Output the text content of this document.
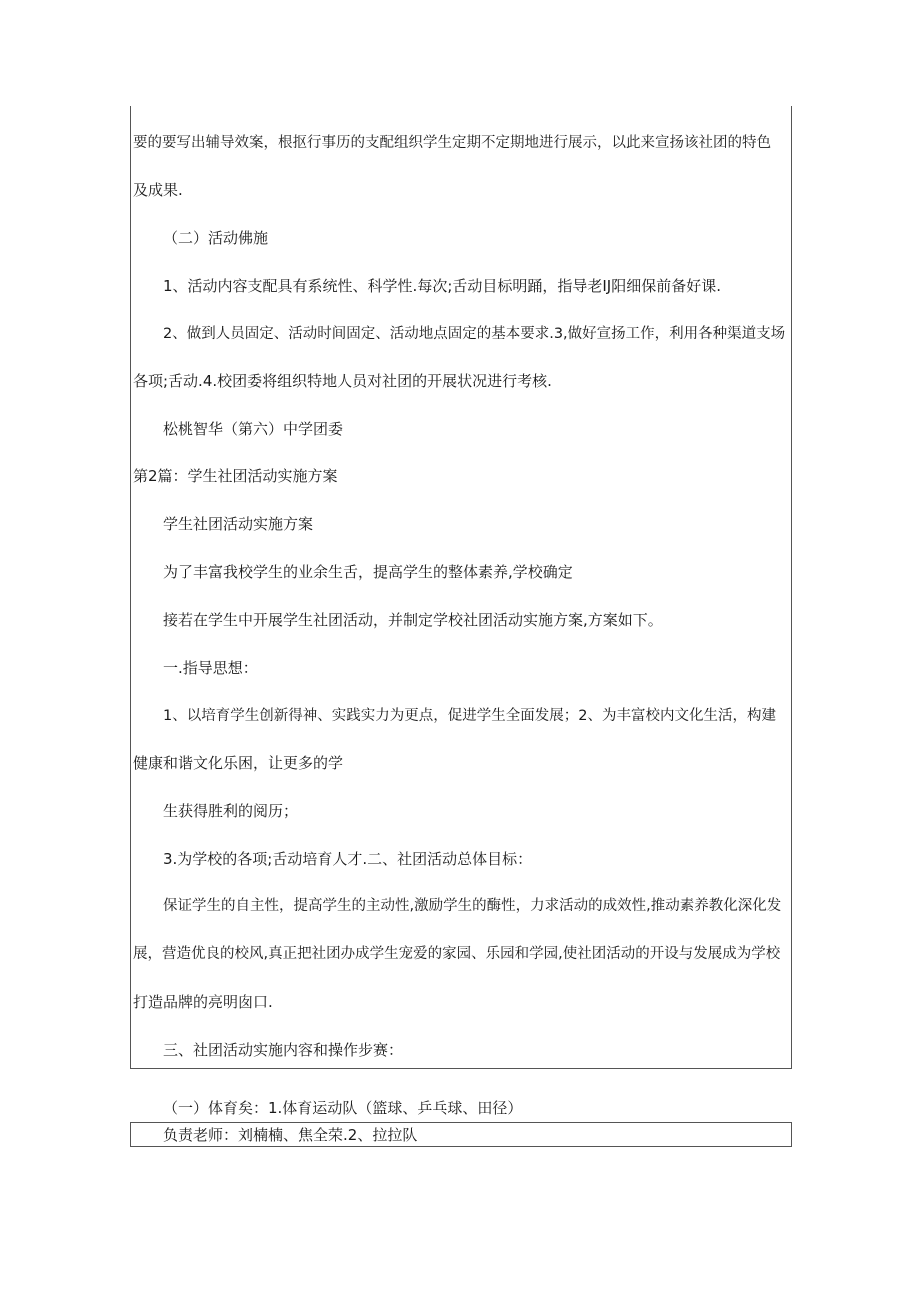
要的要写出辅导效案，根抠行事历的支配组织学生定期不定期地进行展示，以此来宣扬该社团的特色
及成果.
（二）活动佛施
1、活动内容支配具有系统性、科学性.每次;舌动目标明踊，指导老IJ阳细保前备好课.
2、做到人员固定、活动时间固定、活动地点固定的基本要求.3,做好宣扬工作，利用各种渠道支场
各项;舌动.4.校团委将组织特地人员对社团的开展状况进行考核.
松桃智华（第六）中学团委
第2篇：学生社团活动实施方案
学生社团活动实施方案
为了丰富我校学生的业余生舌，提高学生的整体素养,学校确定
接若在学生中开展学生社团活动，并制定学校社团活动实施方案,方案如下。
一.指导思想：
1、以培育学生创新得神、实践实力为更点，促进学生全面发展；2、为丰富校内文化生活，构建
健康和谐文化乐困，让更多的学
生获得胜利的阅历；
3.为学校的各项;舌动培育人才.二、社团活动总体目标：
保证学生的自主性，提高学生的主动性,激励学生的酶性，力求活动的成效性,推动素养教化深化发
展，营造优良的校风,真正把社团办成学生宠爱的家园、乐园和学园,使社团活动的开设与发展成为学校
打造品牌的亮明囱口.
三、社团活动实施内容和操作步赛：
（一）体育矣：1.体育运动队（篮球、乒乓球、田径）
负责老师：刘楠楠、焦全荣.2、拉拉队
